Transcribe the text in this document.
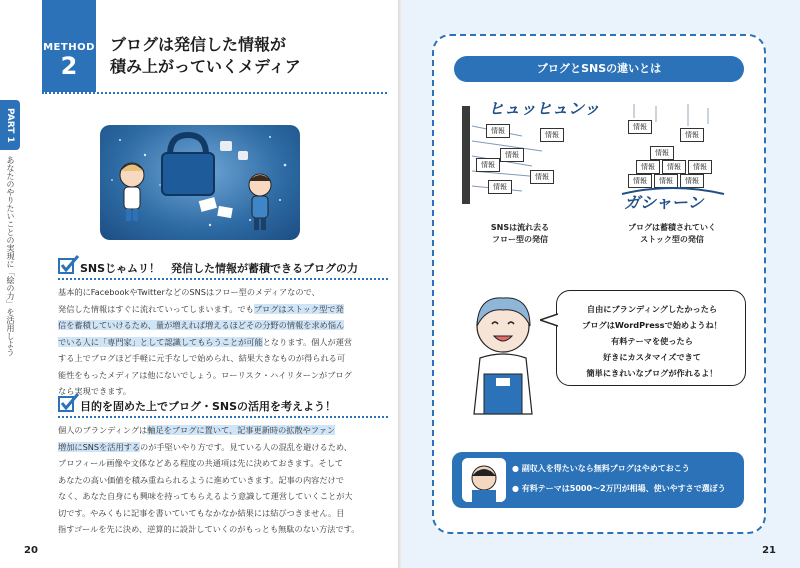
METHOD
2
ブログは発信した情報が
積み上がっていくメディア
PART 1
あなたのやりたいことの実現に「絵の力」を活用しよう	SNSじゃムリ！　発信した情報が蓄積できるブログの力

基本的にFacebookやTwitterなどのSNSはフロー型のメディアなので、

発信した情報はすぐに流れていってしまいます。でもブログはストック型で発

信を蓄積していけるため、量が増えれば増えるほどその分野の情報を求め悩ん

でいる人に「専門家」として認識してもらうことが可能となります。個人が運営

する上でブログほど手軽に元手なしで始められ、結果大きなものが得られる可

能性をもったメディアは他にないでしょう。ローリスク・ハイリターンがブログ

なら実現できます。

目的を固めた上でブログ・SNSの活用を考えよう！

個人のブランディングは軸足をブログに置いて、記事更新時の拡散やファン

増加にSNSを活用するのが手堅いやり方です。見ている人の混乱を避けるため、

プロフィール画像や文体などある程度の共通項は先に決めておきます。そして

あなたの高い価値を積み重ねられるように進めていきます。記事の内容だけで

なく、あなた自身にも興味を持ってもらえるよう意識して運営していくことが大

切です。やみくもに記事を書いていてもなかなか結果には結びつきません。目

指すゴールを先に決め、逆算的に設計していくのがもっとも無駄のない方法です。

20
ブログとSNSの違いとは
ヒュッヒュンッ
情報	情報
情報
情報
情報
情報
情報
情報
情報
情報	情報	情報
情報	情報	情報
ガシャーン
SNSは流れ去る
フロー型の発信
ブログは蓄積されていく
ストック型の発信

自由にブランディングしたかったら

ブログはWordPressで始めようね！

有料テーマを使ったら

好きにカスタマイズできて

簡単にきれいなブログが作れるよ！

● 副収入を得たいなら無料ブログはやめておこう
● 有料テーマは5000～2万円が相場、使いやすさで選ぼう
21
